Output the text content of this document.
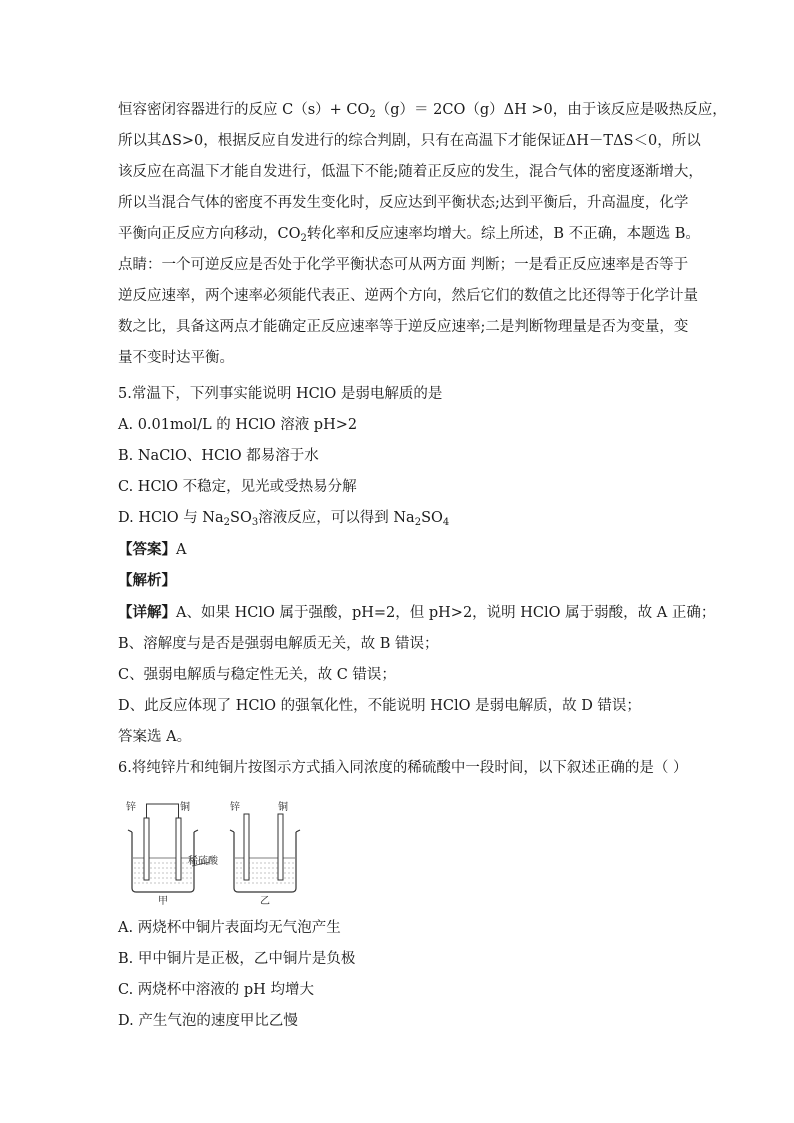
恒容密闭容器进行的反应 $C(s)+ CO_2(g)= 2CO(g)\Delta H >0$，由于该反应是吸热反应，
所以其ΔS>0，根据反应自发进行的综合判剧，只有在高温下才能保证ΔH－TΔS＜0，所以
该反应在高温下才能自发进行，低温下不能;随着正反应的发生，混合气体的密度逐渐增大，
所以当混合气体的密度不再发生变化时，反应达到平衡状态;达到平衡后，升高温度，化学
平衡向正反应方向移动，$CO_2$转化率和反应速率均增大。综上所述，B 不正确，本题选 B。
点睛：一个可逆反应是否处于化学平衡状态可从两方面 判断；一是看正反应速率是否等于
逆反应速率，两个速率必须能代表正、逆两个方向，然后它们的数值之比还得等于化学计量
数之比，具备这两点才能确定正反应速率等于逆反应速率;二是判断物理量是否为变量，变
量不变时达平衡。
5.常温下，下列事实能说明 HClO 是弱电解质的是
A. 0.01mol/L 的 HClO 溶液 pH>2
B. NaClO、HClO 都易溶于水
C. HClO 不稳定，见光或受热易分解
D. HClO 与 $Na_2SO_3$溶液反应，可以得到 $Na_2SO_4$
【答案】A
【解析】
【详解】A、如果 HClO 属于强酸，pH=2，但 pH>2，说明 HClO 属于弱酸，故 A 正确；
B、溶解度与是否是强弱电解质无关，故 B 错误；
C、强弱电解质与稳定性无关，故 C 错误；
D、此反应体现了 HClO 的强氧化性，不能说明 HClO 是弱电解质，故 D 错误；
答案选 A。
6.将纯锌片和纯铜片按图示方式插入同浓度的稀硫酸中一段时间，以下叙述正确的是（ ）
锌	铜
甲
稀硫酸
锌	铜
乙
A. 两烧杯中铜片表面均无气泡产生
B. 甲中铜片是正极，乙中铜片是负极
C. 两烧杯中溶液的 pH 均增大
D. 产生气泡的速度甲比乙慢
